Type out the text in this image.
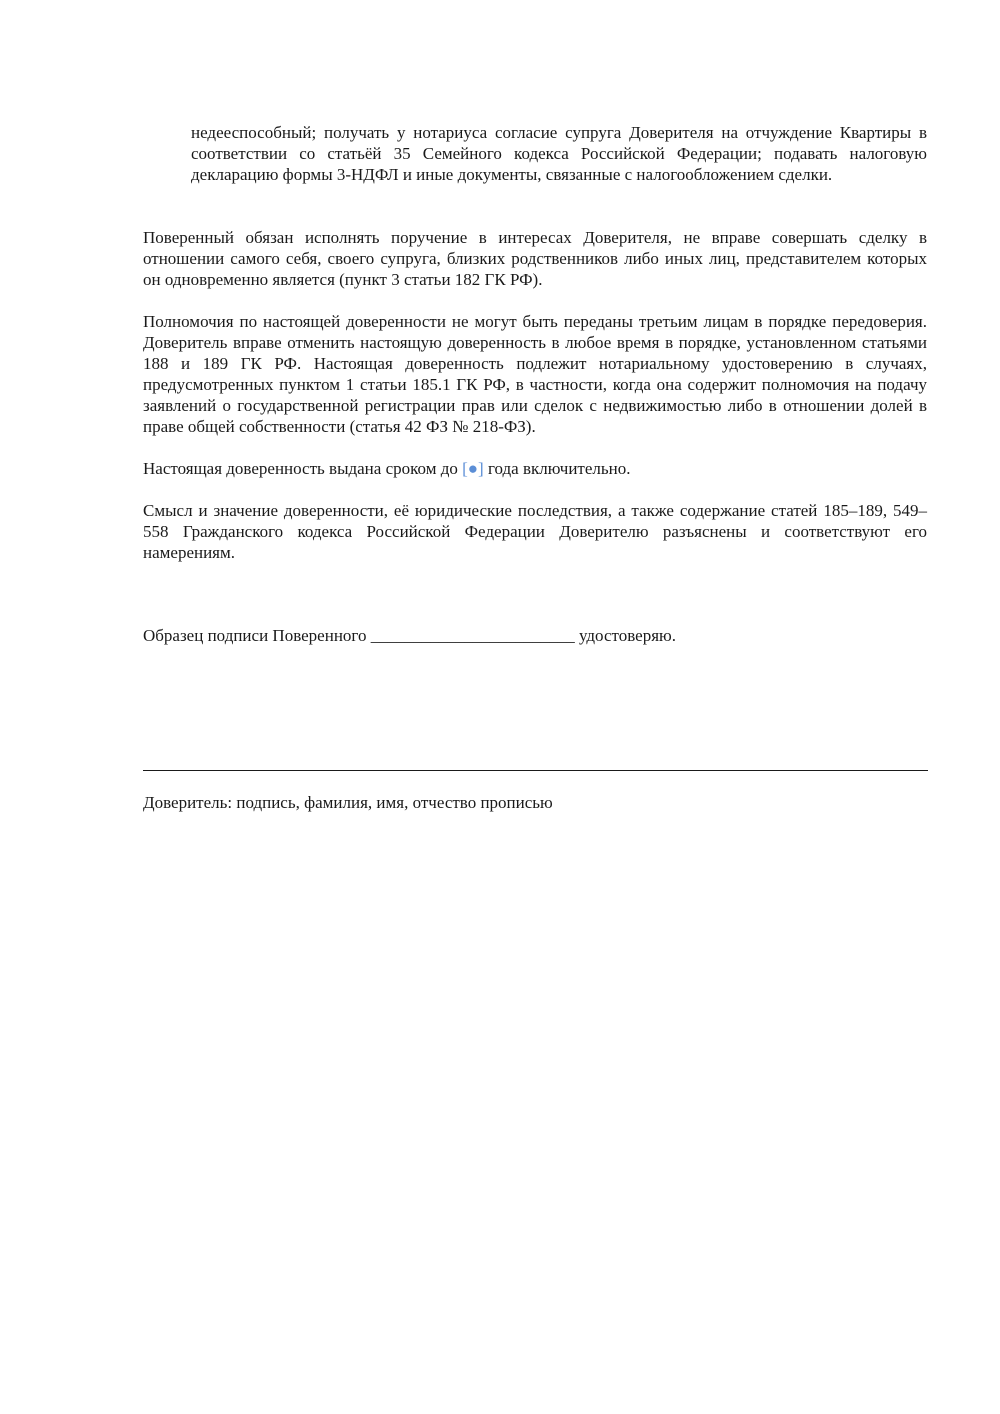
недееспособный; получать у нотариуса согласие супруга Доверителя на отчуждение Квартиры в соответствии со статьёй 35 Семейного кодекса Российской Федерации; подавать налоговую декларацию формы 3-НДФЛ и иные документы, связанные с налогообложением сделки.

Поверенный обязан исполнять поручение в интересах Доверителя, не вправе совершать сделку в отношении самого себя, своего супруга, близких родственников либо иных лиц, представителем которых он одновременно является (пункт 3 статьи 182 ГК РФ).

Полномочия по настоящей доверенности не могут быть переданы третьим лицам в порядке передоверия. Доверитель вправе отменить настоящую доверенность в любое время в порядке, установленном статьями 188 и 189 ГК РФ. Настоящая доверенность подлежит нотариальному удостоверению в случаях, предусмотренных пунктом 1 статьи 185.1 ГК РФ, в частности, когда она содержит полномочия на подачу заявлений о государственной регистрации прав или сделок с недвижимостью либо в отношении долей в праве общей собственности (статья 42 ФЗ № 218-ФЗ).

Настоящая доверенность выдана сроком до [●] года включительно.

Смысл и значение доверенности, её юридические последствия, а также содержание статей 185–189, 549–558 Гражданского кодекса Российской Федерации Доверителю разъяснены и соответствуют его намерениям.

Образец подписи Поверенного ________________________ удостоверяю.

Доверитель: подпись, фамилия, имя, отчество прописью
